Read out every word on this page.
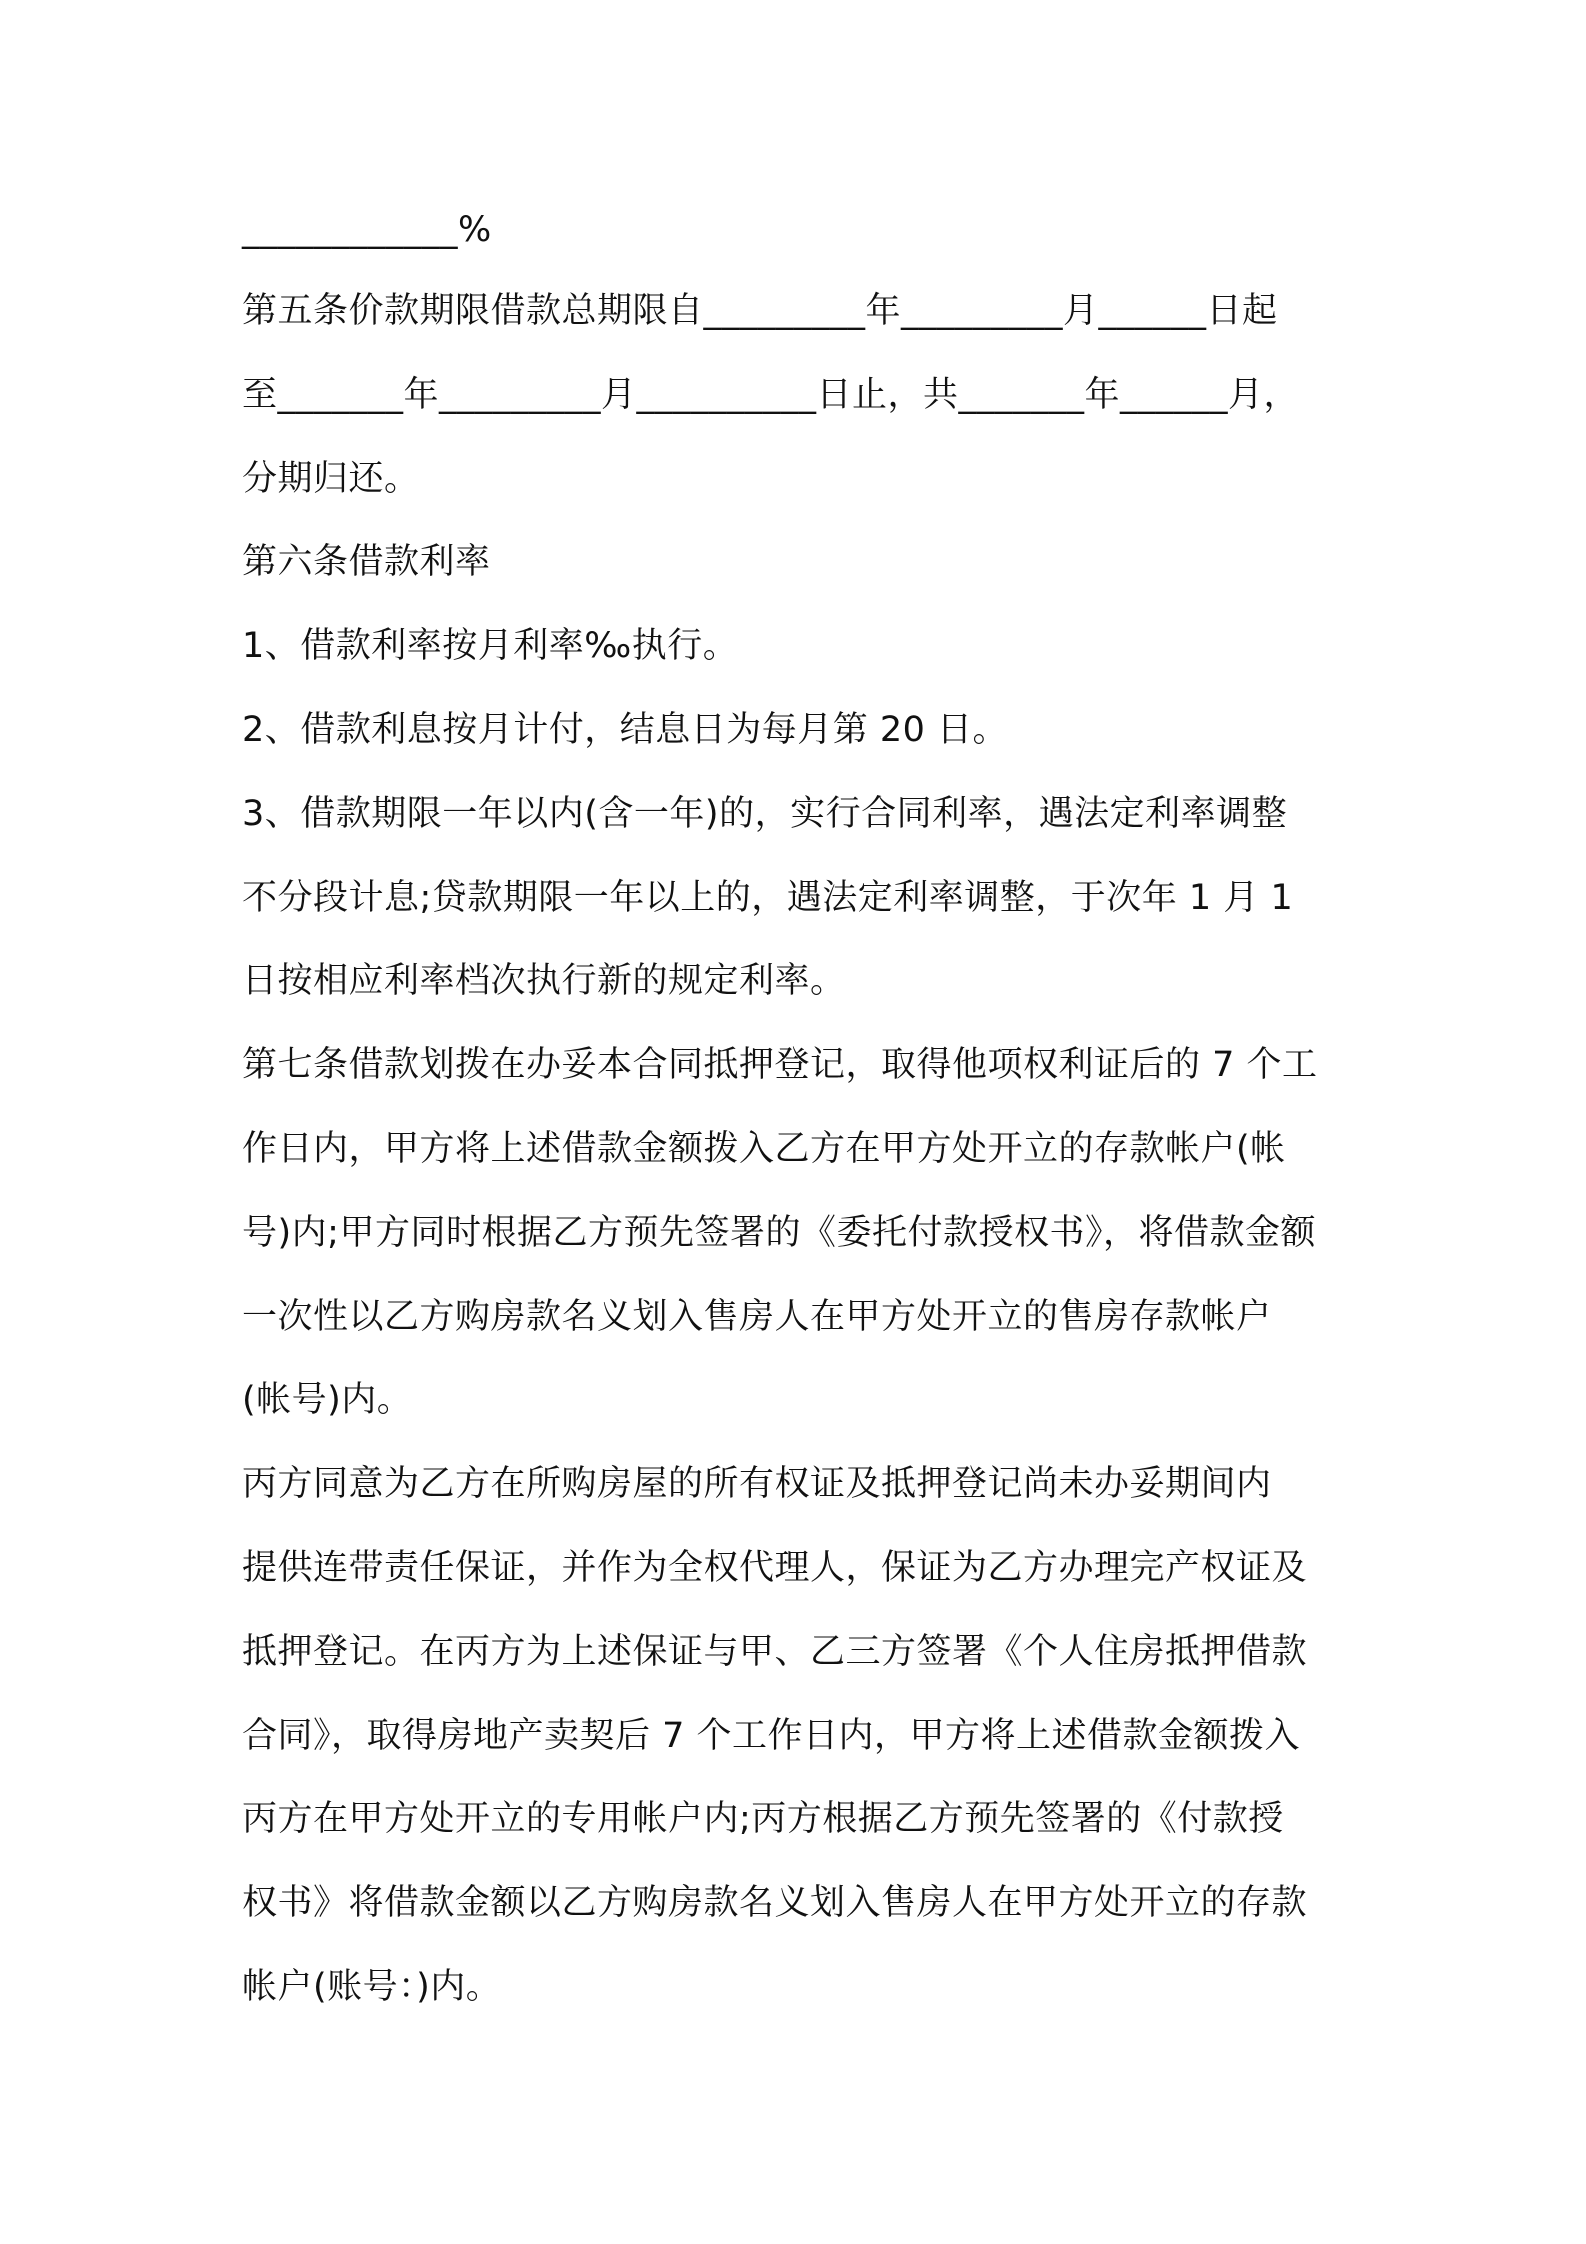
____________%
第五条价款期限借款总期限自_________年_________月______日起
至_______年_________月__________日止，共_______年______月，
分期归还。
第六条借款利率
1、借款利率按月利率‰执行。
2、借款利息按月计付，结息日为每月第 20 日。
3、借款期限一年以内(含一年)的，实行合同利率，遇法定利率调整
不分段计息;贷款期限一年以上的，遇法定利率调整，于次年 1 月 1
日按相应利率档次执行新的规定利率。
第七条借款划拨在办妥本合同抵押登记，取得他项权利证后的 7 个工
作日内，甲方将上述借款金额拨入乙方在甲方处开立的存款帐户(帐
号)内;甲方同时根据乙方预先签署的《委托付款授权书》，将借款金额
一次性以乙方购房款名义划入售房人在甲方处开立的售房存款帐户
(帐号)内。
丙方同意为乙方在所购房屋的所有权证及抵押登记尚未办妥期间内
提供连带责任保证，并作为全权代理人，保证为乙方办理完产权证及
抵押登记。在丙方为上述保证与甲、乙三方签署《个人住房抵押借款
合同》，取得房地产卖契后 7 个工作日内，甲方将上述借款金额拨入
丙方在甲方处开立的专用帐户内;丙方根据乙方预先签署的《付款授
权书》将借款金额以乙方购房款名义划入售房人在甲方处开立的存款
帐户(账号：)内。
